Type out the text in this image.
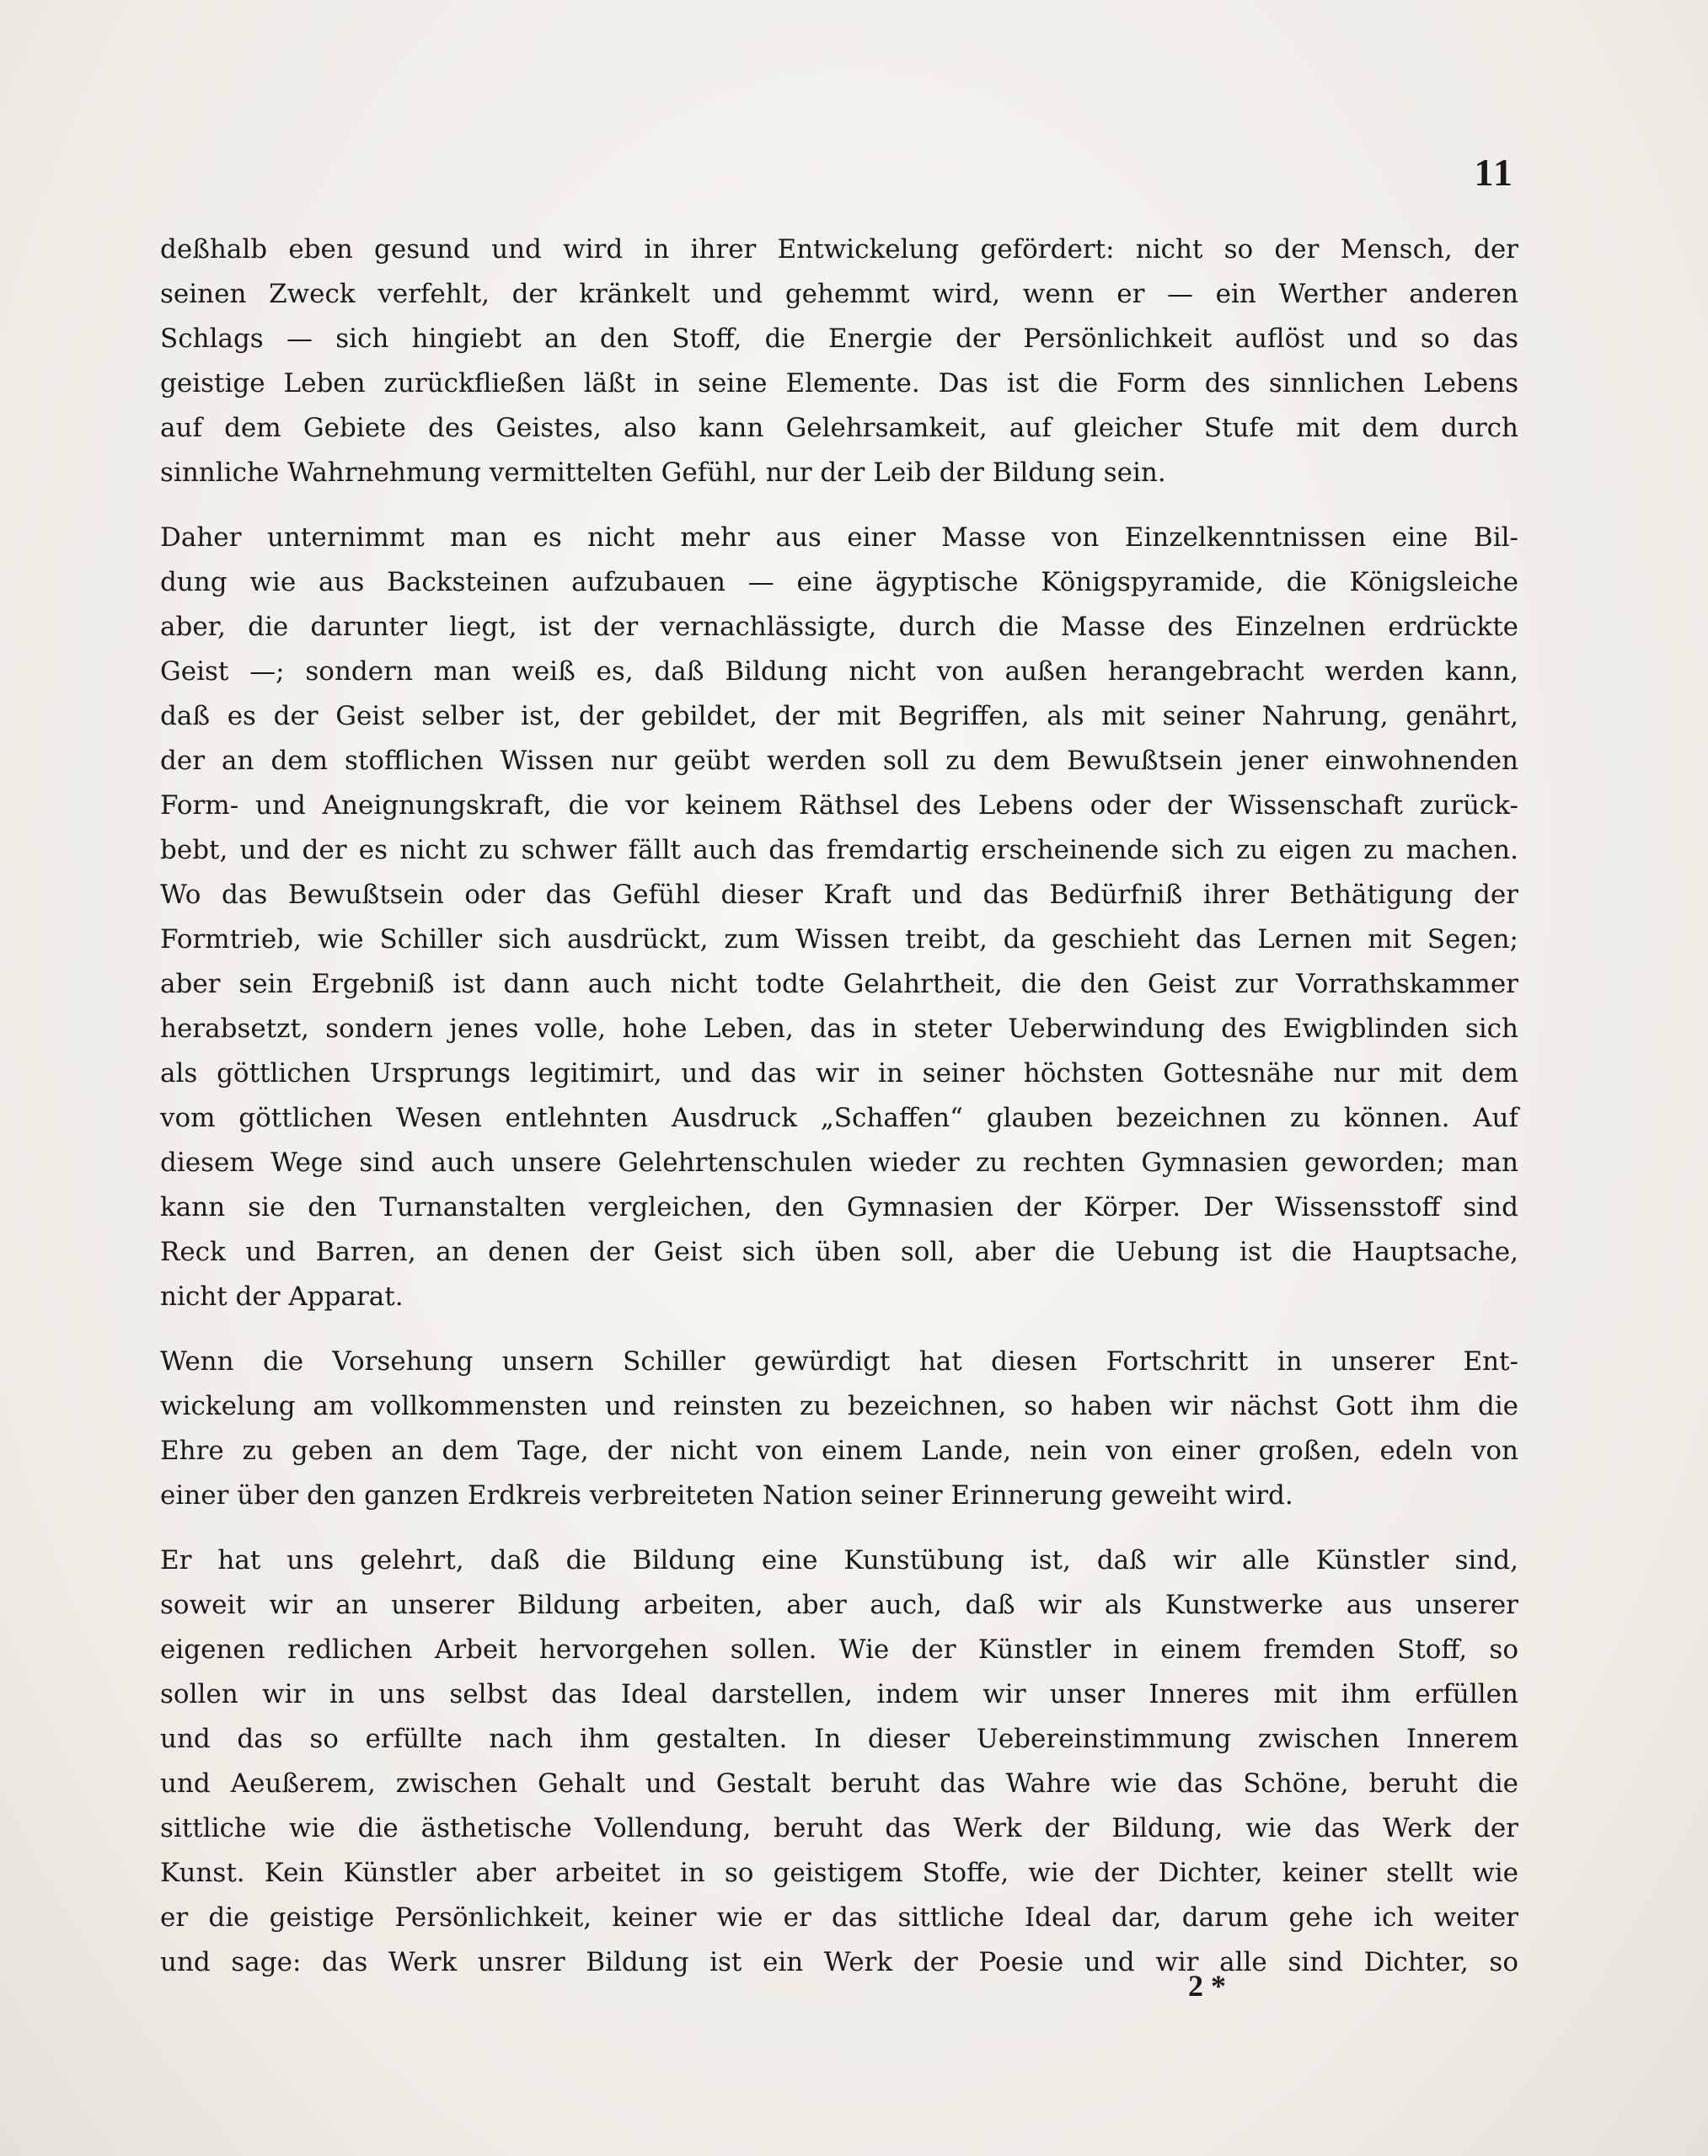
11

deßhalb eben gesund und wird in ihrer Entwickelung gefördert: nicht so der Mensch, der
seinen Zweck verfehlt, der kränkelt und gehemmt wird, wenn er — ein Werther anderen
Schlags — sich hingiebt an den Stoff, die Energie der Persönlichkeit auflöst und so das
geistige Leben zurückfließen läßt in seine Elemente. Das ist die Form des sinnlichen Lebens
auf dem Gebiete des Geistes, also kann Gelehrsamkeit, auf gleicher Stufe mit dem durch
sinnliche Wahrnehmung vermittelten Gefühl, nur der Leib der Bildung sein.

Daher unternimmt man es nicht mehr aus einer Masse von Einzelkenntnissen eine Bil-
dung wie aus Backsteinen aufzubauen — eine ägyptische Königspyramide, die Königsleiche
aber, die darunter liegt, ist der vernachlässigte, durch die Masse des Einzelnen erdrückte
Geist —; sondern man weiß es, daß Bildung nicht von außen herangebracht werden kann,
daß es der Geist selber ist, der gebildet, der mit Begriffen, als mit seiner Nahrung, genährt,
der an dem stofflichen Wissen nur geübt werden soll zu dem Bewußtsein jener einwohnenden
Form- und Aneignungskraft, die vor keinem Räthsel des Lebens oder der Wissenschaft zurück-
bebt, und der es nicht zu schwer fällt auch das fremdartig erscheinende sich zu eigen zu machen.
Wo das Bewußtsein oder das Gefühl dieser Kraft und das Bedürfniß ihrer Bethätigung der
Formtrieb, wie Schiller sich ausdrückt, zum Wissen treibt, da geschieht das Lernen mit Segen;
aber sein Ergebniß ist dann auch nicht todte Gelahrtheit, die den Geist zur Vorrathskammer
herabsetzt, sondern jenes volle, hohe Leben, das in steter Ueberwindung des Ewigblinden sich
als göttlichen Ursprungs legitimirt, und das wir in seiner höchsten Gottesnähe nur mit dem
vom göttlichen Wesen entlehnten Ausdruck „Schaffen“ glauben bezeichnen zu können. Auf
diesem Wege sind auch unsere Gelehrtenschulen wieder zu rechten Gymnasien geworden; man
kann sie den Turnanstalten vergleichen, den Gymnasien der Körper. Der Wissensstoff sind
Reck und Barren, an denen der Geist sich üben soll, aber die Uebung ist die Hauptsache,
nicht der Apparat.

Wenn die Vorsehung unsern Schiller gewürdigt hat diesen Fortschritt in unserer Ent-
wickelung am vollkommensten und reinsten zu bezeichnen, so haben wir nächst Gott ihm die
Ehre zu geben an dem Tage, der nicht von einem Lande, nein von einer großen, edeln von
einer über den ganzen Erdkreis verbreiteten Nation seiner Erinnerung geweiht wird.

Er hat uns gelehrt, daß die Bildung eine Kunstübung ist, daß wir alle Künstler sind,
soweit wir an unserer Bildung arbeiten, aber auch, daß wir als Kunstwerke aus unserer
eigenen redlichen Arbeit hervorgehen sollen. Wie der Künstler in einem fremden Stoff, so
sollen wir in uns selbst das Ideal darstellen, indem wir unser Inneres mit ihm erfüllen
und das so erfüllte nach ihm gestalten. In dieser Uebereinstimmung zwischen Innerem
und Aeußerem, zwischen Gehalt und Gestalt beruht das Wahre wie das Schöne, beruht die
sittliche wie die ästhetische Vollendung, beruht das Werk der Bildung, wie das Werk der
Kunst. Kein Künstler aber arbeitet in so geistigem Stoffe, wie der Dichter, keiner stellt wie
er die geistige Persönlichkeit, keiner wie er das sittliche Ideal dar, darum gehe ich weiter
und sage: das Werk unsrer Bildung ist ein Werk der Poesie und wir alle sind Dichter, so

2 *
